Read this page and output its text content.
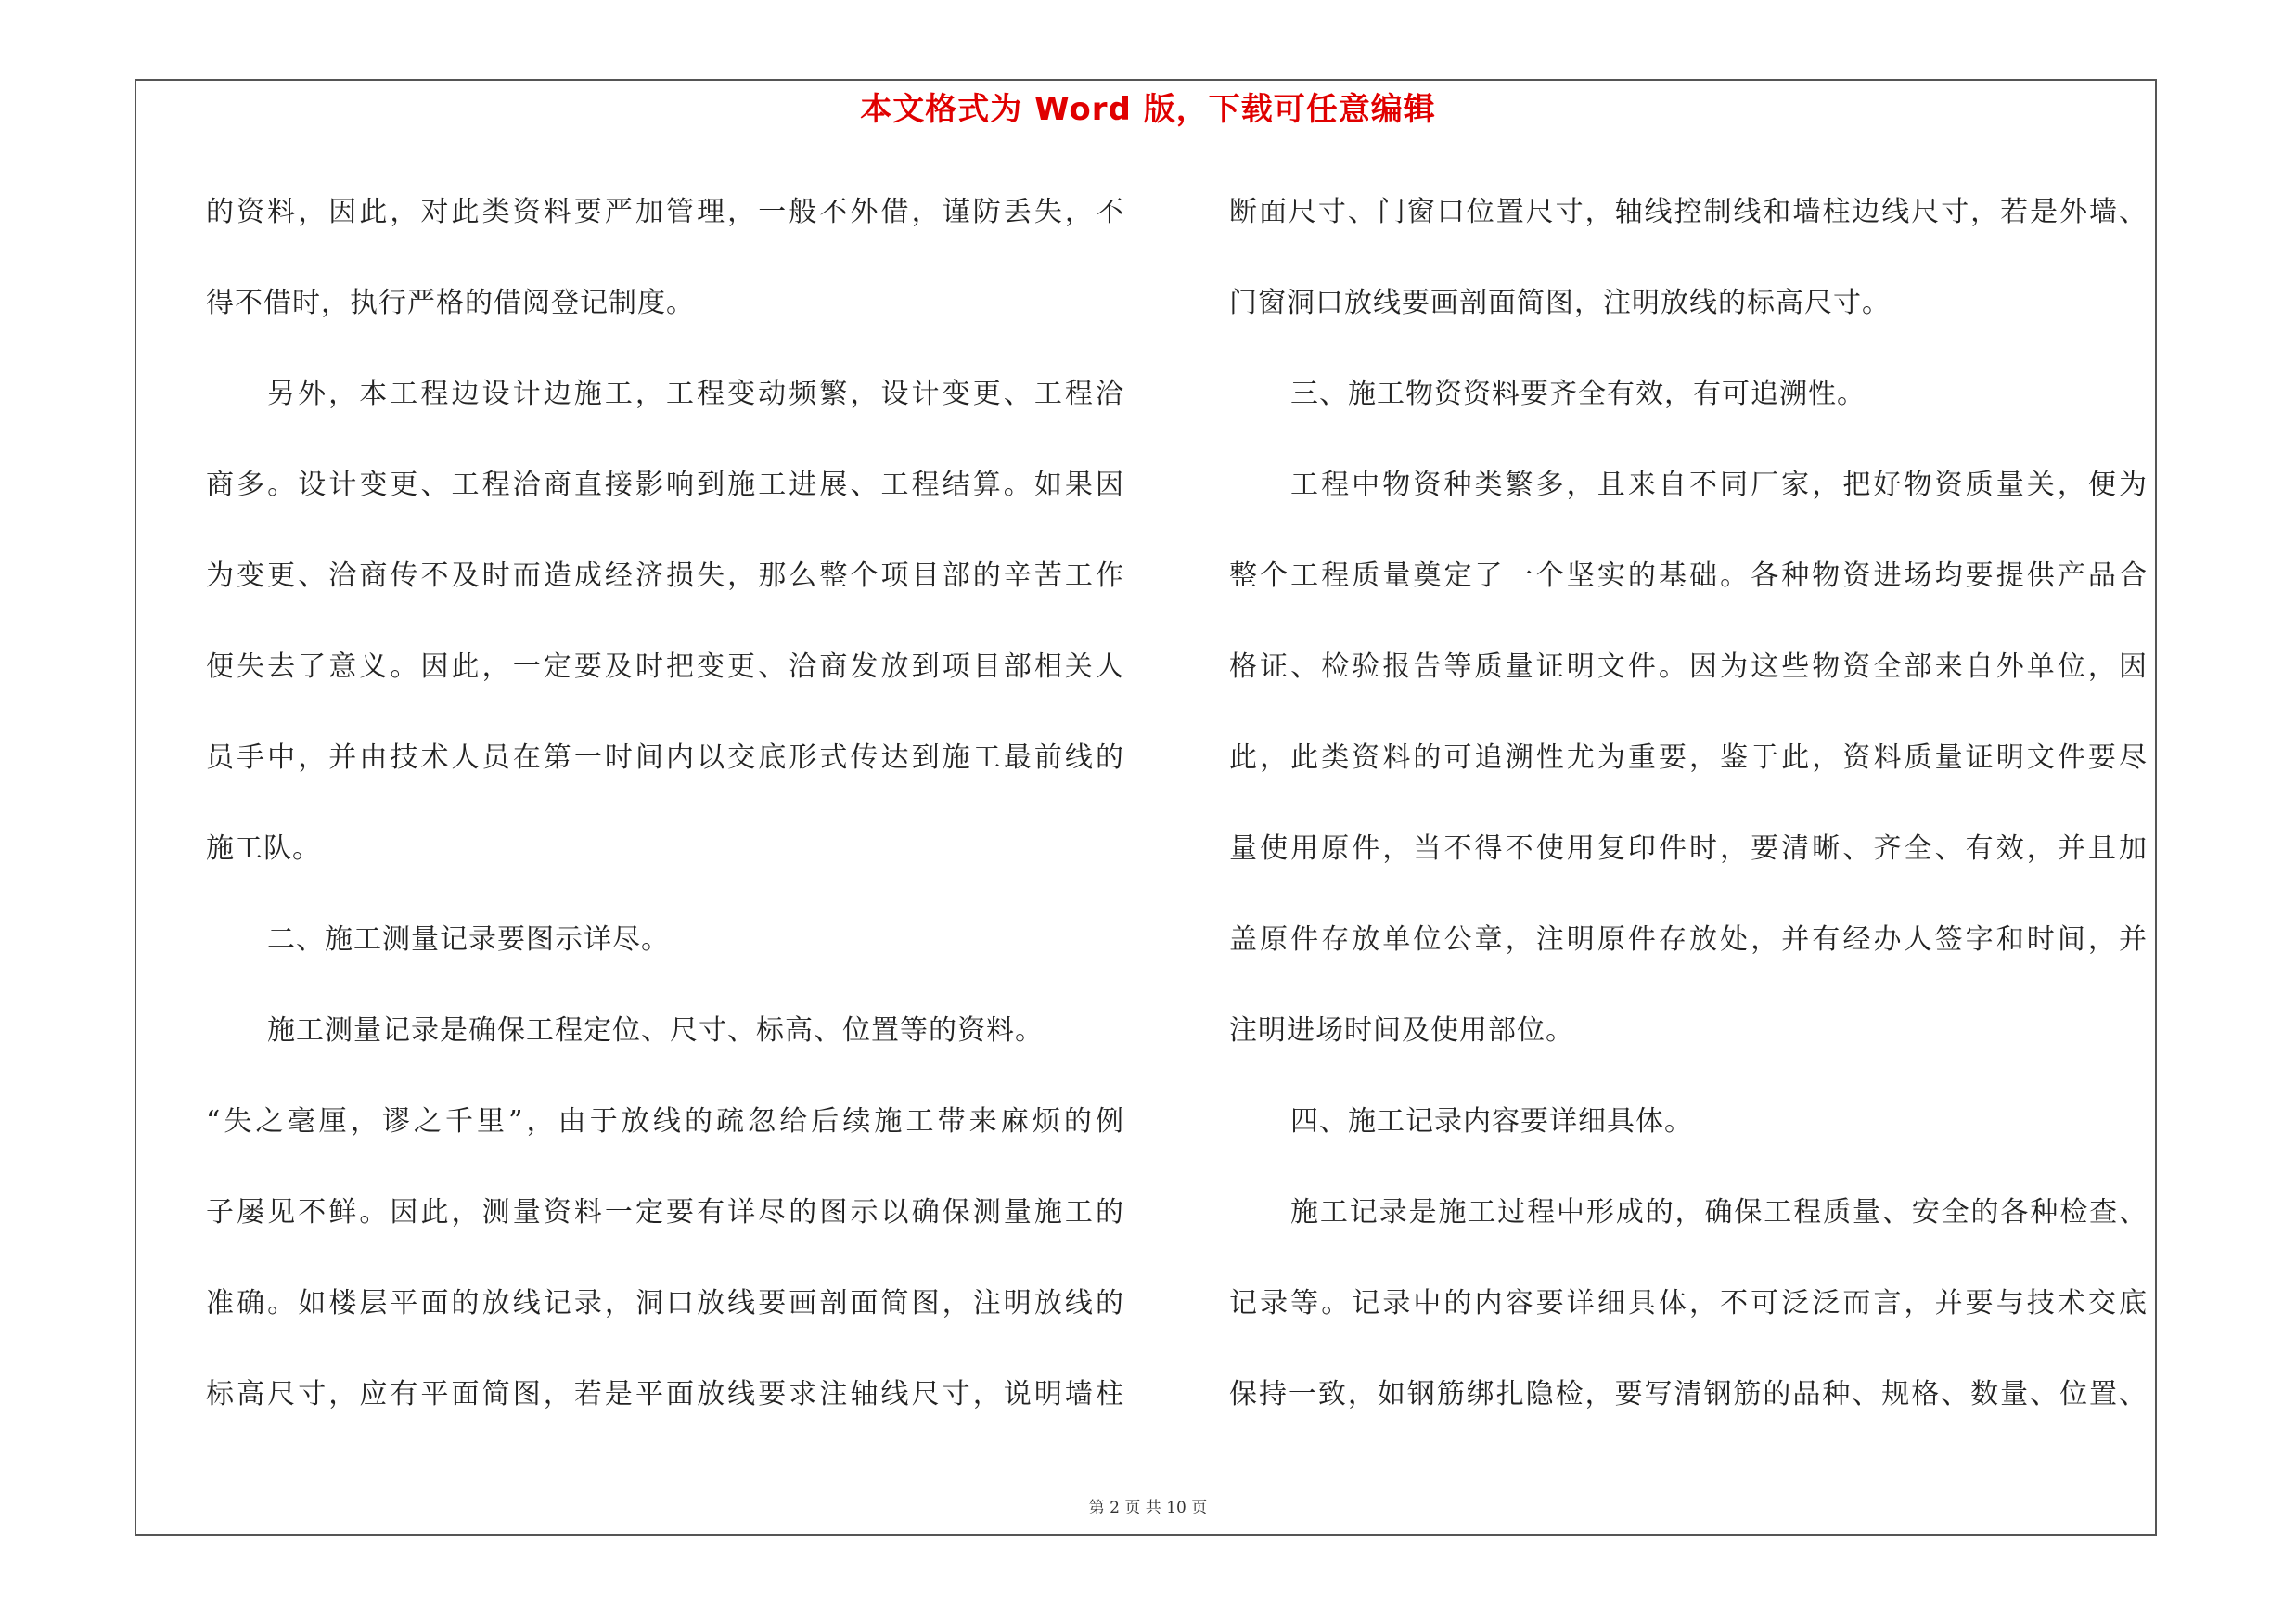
本文格式为 Word 版，下载可任意编辑
的资料，因此，对此类资料要严加管理，一般不外借，谨防丢失，不
得不借时，执行严格的借阅登记制度。
另外，本工程边设计边施工，工程变动频繁，设计变更、工程洽
商多。设计变更、工程洽商直接影响到施工进展、工程结算。如果因
为变更、洽商传不及时而造成经济损失，那么整个项目部的辛苦工作
便失去了意义。因此，一定要及时把变更、洽商发放到项目部相关人
员手中，并由技术人员在第一时间内以交底形式传达到施工最前线的
施工队。
二、施工测量记录要图示详尽。
施工测量记录是确保工程定位、尺寸、标高、位置等的资料。
“失之毫厘，谬之千里”，由于放线的疏忽给后续施工带来麻烦的例
子屡见不鲜。因此，测量资料一定要有详尽的图示以确保测量施工的
准确。如楼层平面的放线记录，洞口放线要画剖面简图，注明放线的
标高尺寸，应有平面简图，若是平面放线要求注轴线尺寸，说明墙柱
断面尺寸、门窗口位置尺寸，轴线控制线和墙柱边线尺寸，若是外墙、
门窗洞口放线要画剖面简图，注明放线的标高尺寸。
三、施工物资资料要齐全有效，有可追溯性。
工程中物资种类繁多，且来自不同厂家，把好物资质量关，便为
整个工程质量奠定了一个坚实的基础。各种物资进场均要提供产品合
格证、检验报告等质量证明文件。因为这些物资全部来自外单位，因
此，此类资料的可追溯性尤为重要，鉴于此，资料质量证明文件要尽
量使用原件，当不得不使用复印件时，要清晰、齐全、有效，并且加
盖原件存放单位公章，注明原件存放处，并有经办人签字和时间，并
注明进场时间及使用部位。
四、施工记录内容要详细具体。
施工记录是施工过程中形成的，确保工程质量、安全的各种检查、
记录等。记录中的内容要详细具体，不可泛泛而言，并要与技术交底
保持一致，如钢筋绑扎隐检，要写清钢筋的品种、规格、数量、位置、
第 2 页 共 10 页
